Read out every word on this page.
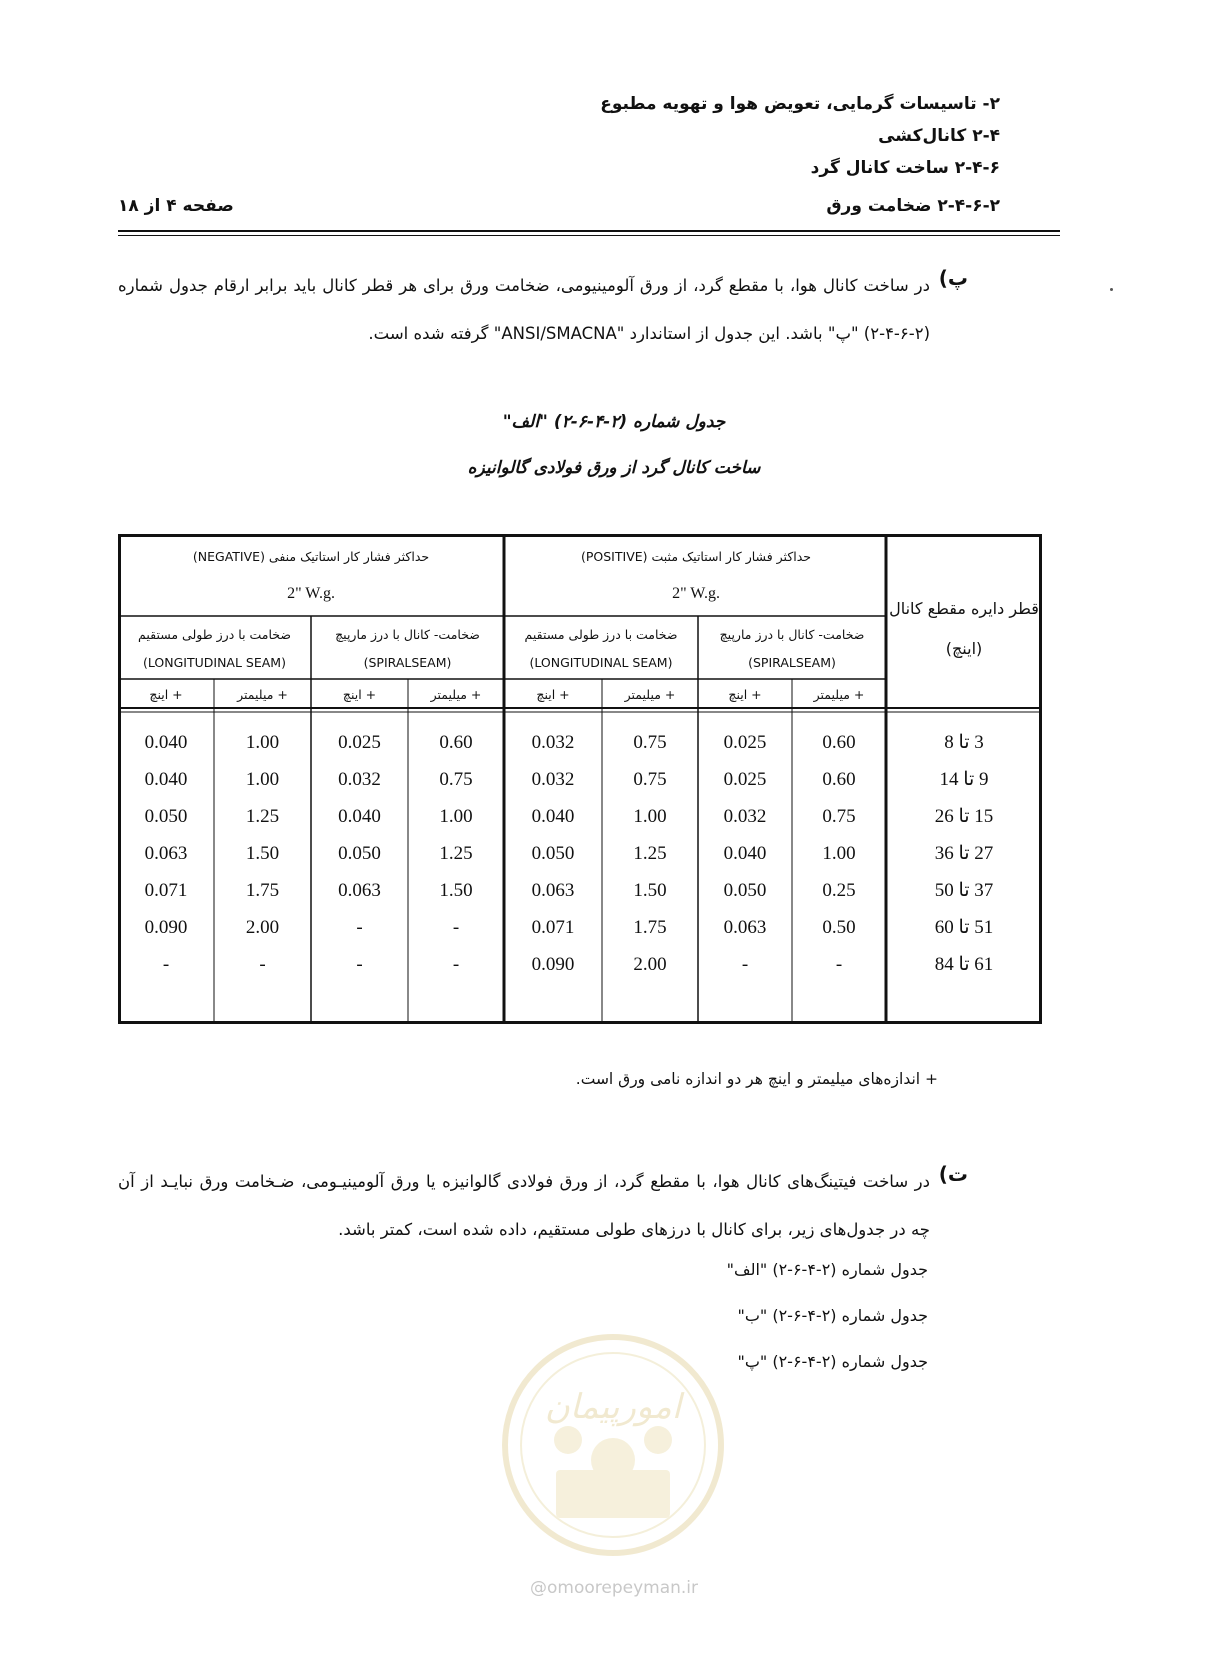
۲- تاسیسات گرمایی، تعویض هوا و تهویه مطبوع
۲-۴ کانال‌کشی
۲-۴-۶ ساخت کانال گرد
۲-۴-۶-۲ ضخامت ورق
صفحه ۴ از ۱۸
پ)
در ساخت کانال هوا، با مقطع گرد، از ورق آلومینیومی، ضخامت ورق برای هر قطر کانال باید برابر ارقام جدول شماره
(۲-۴-۶-۲) "پ" باشد. این جدول از استاندارد "ANSI/SMACNA" گرفته شده است.
جدول شماره (۲-۴-۶-۲) "الف"
ساخت کانال گرد از ورق فولادی گالوانیزه
قطر دایره مقطع کانال
(اینچ)
حداکثر فشار کار استاتیک مثبت (POSITIVE)
2" W.g.
حداکثر فشار کار استاتیک منفی (NEGATIVE)
2" W.g.
ضخامت- کانال با درز مارپیچ
(SPIRALSEAM)
ضخامت با درز طولی مستقیم
(LONGITUDINAL SEAM)
ضخامت- کانال با درز مارپیچ
(SPIRALSEAM)
ضخامت با درز طولی مستقیم
(LONGITUDINAL SEAM)
+ میلیمتر
+ اینچ
+ میلیمتر
+ اینچ
+ میلیمتر
+ اینچ
+ میلیمتر
+ اینچ
3 تا 8
0.60
0.025
0.75
0.032
0.60
0.025
1.00
0.040
9 تا 14
0.60
0.025
0.75
0.032
0.75
0.032
1.00
0.040
15 تا 26
0.75
0.032
1.00
0.040
1.00
0.040
1.25
0.050
27 تا 36
1.00
0.040
1.25
0.050
1.25
0.050
1.50
0.063
37 تا 50
0.25
0.050
1.50
0.063
1.50
0.063
1.75
0.071
51 تا 60
0.50
0.063
1.75
0.071
-
-
2.00
0.090
61 تا 84
-
-
2.00
0.090
-
-
-
-
+ اندازه‌های میلیمتر و اینچ هر دو اندازه نامی ورق است.
ت)
در ساخت فیتینگ‌های کانال هوا، با مقطع گرد، از ورق فولادی گالوانیزه یا ورق آلومینیـومی، ضـخامت ورق نبایـد از آن
چه در جدول‌های زیر، برای کانال با درزهای طولی مستقیم، داده شده است، کمتر باشد.
جدول شماره (۲-۴-۶-۲) "الف"
جدول شماره (۲-۴-۶-۲) "ب"
جدول شماره (۲-۴-۶-۲) "پ"
امورپیمان
@omoorepeyman.ir
